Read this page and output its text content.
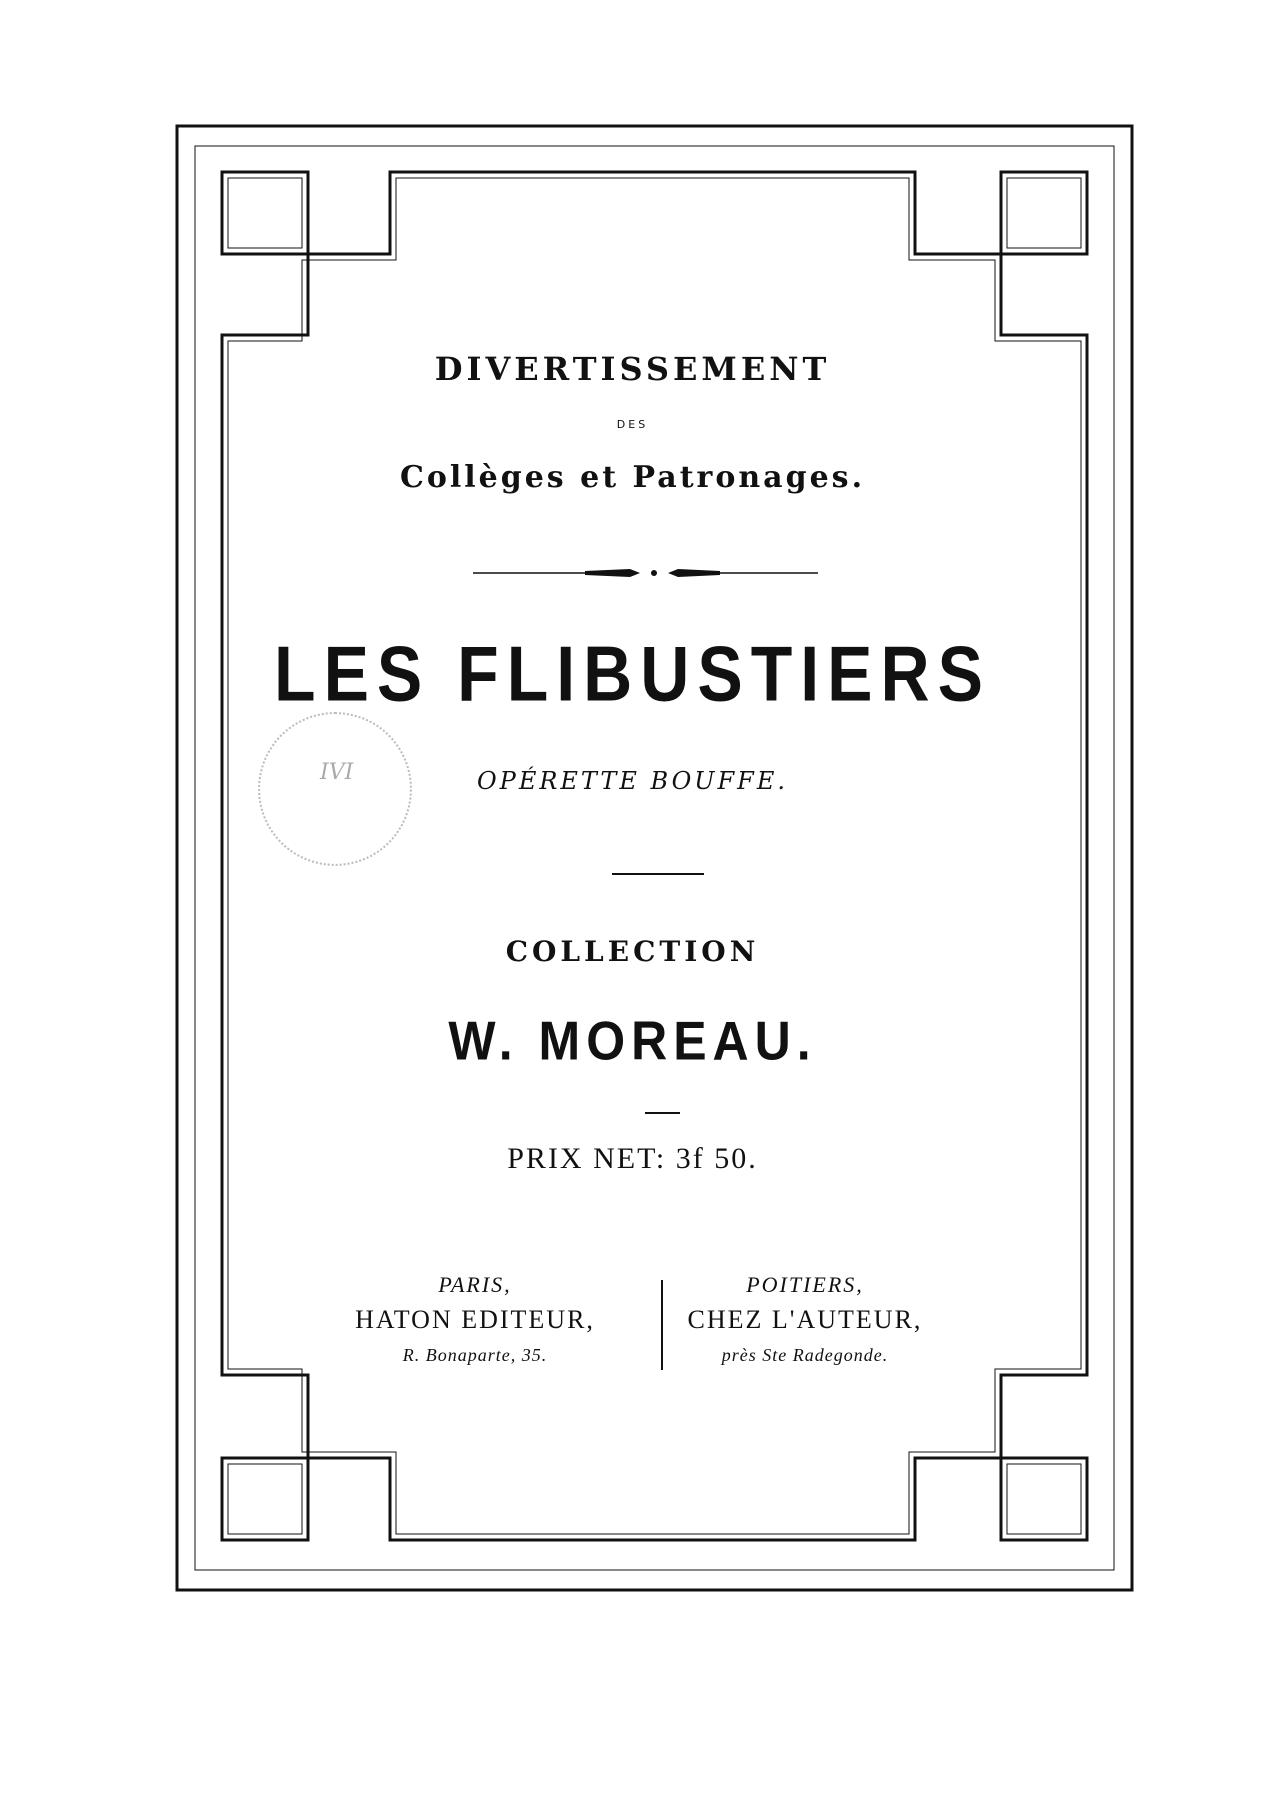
IVI
DIVERTISSEMENT
DES
Collèges et Patronages.
LES FLIBUSTIERS
OPÉRETTE BOUFFE.
COLLECTION
W. MOREAU.
PRIX NET: 3f 50.
PARIS,
HATON EDITEUR,
R. Bonaparte, 35.
POITIERS,
CHEZ L'AUTEUR,
près Ste Radegonde.
